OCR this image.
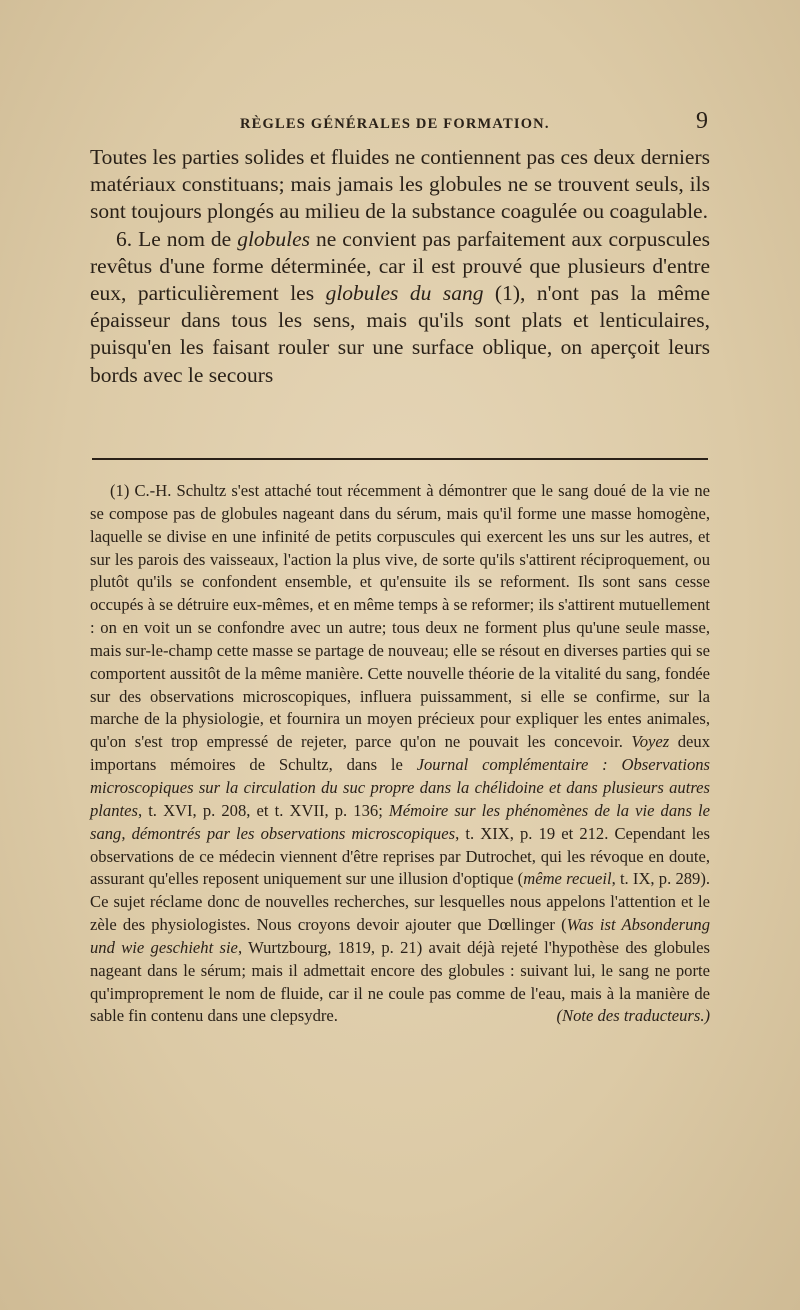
RÈGLES GÉNÉRALES DE FORMATION.	9

Toutes les parties solides et fluides ne contiennent pas ces deux derniers matériaux constituans; mais jamais les globules ne se trouvent seuls, ils sont toujours plongés au milieu de la substance coagulée ou coagulable.

6. Le nom de globules ne convient pas parfaitement aux corpuscules revêtus d'une forme déterminée, car il est prouvé que plusieurs d'entre eux, particulièrement les globules du sang (1), n'ont pas la même épaisseur dans tous les sens, mais qu'ils sont plats et lenticulaires, puisqu'en les faisant rouler sur une surface oblique, on aperçoit leurs bords avec le secours

(1) C.-H. Schultz s'est attaché tout récemment à démontrer que le sang doué de la vie ne se compose pas de globules nageant dans du sérum, mais qu'il forme une masse homogène, laquelle se divise en une infinité de petits corpuscules qui exercent les uns sur les autres, et sur les parois des vaisseaux, l'action la plus vive, de sorte qu'ils s'attirent réciproquement, ou plutôt qu'ils se confondent ensemble, et qu'ensuite ils se reforment. Ils sont sans cesse occupés à se détruire eux-mêmes, et en même temps à se reformer; ils s'attirent mutuellement : on en voit un se confondre avec un autre; tous deux ne forment plus qu'une seule masse, mais sur-le-champ cette masse se partage de nouveau; elle se résout en diverses parties qui se comportent aussitôt de la même manière. Cette nouvelle théorie de la vitalité du sang, fondée sur des observations microscopiques, influera puissamment, si elle se confirme, sur la marche de la physiologie, et fournira un moyen précieux pour expliquer les entes animales, qu'on s'est trop empressé de rejeter, parce qu'on ne pouvait les concevoir. Voyez deux importans mémoires de Schultz, dans le Journal complémentaire : Observations microscopiques sur la circulation du suc propre dans la chélidoine et dans plusieurs autres plantes, t. XVI, p. 208, et t. XVII, p. 136; Mémoire sur les phénomènes de la vie dans le sang, démontrés par les observations microscopiques, t. XIX, p. 19 et 212. Cependant les observations de ce médecin viennent d'être reprises par Dutrochet, qui les révoque en doute, assurant qu'elles reposent uniquement sur une illusion d'optique (même recueil, t. IX, p. 289). Ce sujet réclame donc de nouvelles recherches, sur lesquelles nous appelons l'attention et le zèle des physiologistes. Nous croyons devoir ajouter que Dœllinger (Was ist Absonderung und wie geschieht sie, Wurtzbourg, 1819, p. 21) avait déjà rejeté l'hypothèse des globules nageant dans le sérum; mais il admettait encore des globules : suivant lui, le sang ne porte qu'improprement le nom de fluide, car il ne coule pas comme de l'eau, mais à la manière de sable fin contenu dans une clepsydre.	(Note des traducteurs.)
